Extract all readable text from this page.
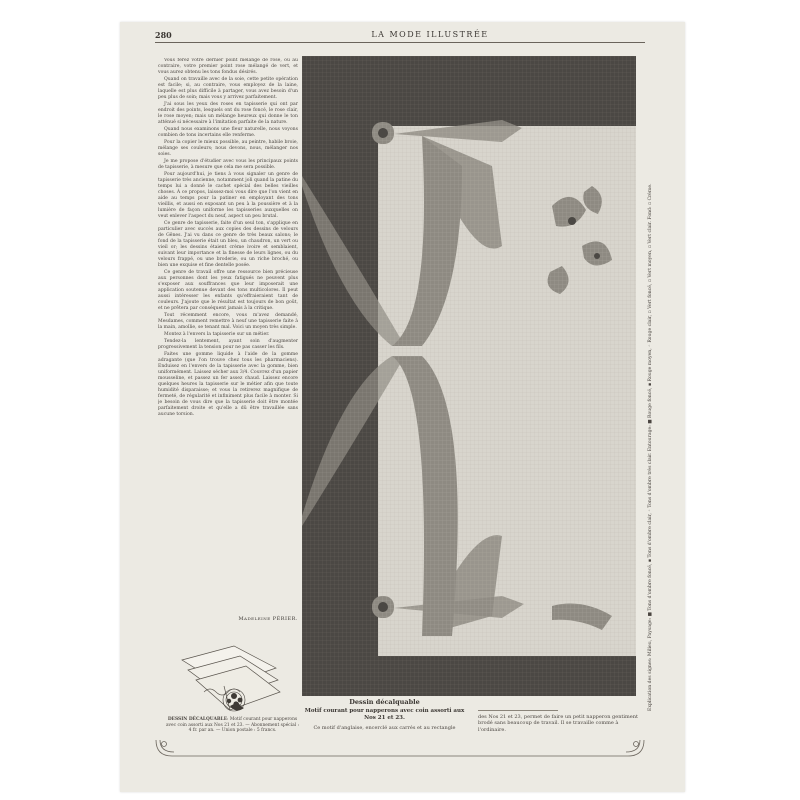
280	LA MODE ILLUSTRÉE

Vous ferez votre dernier point mélangé de rose, ou au contraire, votre premier point rose mélangé de vert, et vous aurez obtenu les tons fondus désirés.

Quand on travaille avec de la soie, cette petite opération est facile; si, au contraire, vous employez de la laine, laquelle est plus difficile à partager, vous avez besoin d'un peu plus de soin; mais vous y arrivez parfaitement.

J'ai sous les yeux des roses en tapisserie qui ont par endroit des points, lesquels ont du rose foncé, le rose clair, le rose moyen; mais un mélange heureux qui donne le ton atténué si nécessaire à l'imitation parfaite de la nature.

Quand nous examinons une fleur naturelle, nous voyons combien de tons incertains elle renferme.

Pour la copier le mieux possible, au peintre, habile broie, mélange ses couleurs; nous devons, nous, mélanger nos soies.

Je me propose d'étudier avec vous les principaux points de tapisserie, à mesure que cela me sera possible.

Pour aujourd'hui, je tiens à vous signaler un genre de tapisserie très ancienne, notamment joli quand la patine du temps lui a donné le cachet spécial des belles vieilles choses. À ce propos, laissez-moi vous dire que l'on vient en aide au temps pour la patiner en employant des tons vieillis, et aussi en exposant un peu à la poussière et à la lumière de façon uniforme les tapisseries auxquelles on veut enlever l'aspect du neuf, aspect un peu brutal.

Ce genre de tapisserie, faite d'un seul ton, s'applique en particulier avec succès aux copies des dessins de velours de Gênes. J'ai vu dans ce genre de très beaux salons; le fond de la tapisserie était un bleu, un chaudron, un vert ou vieil or; les dessins étaient crème ivoire et semblaient, suivant leur importance et la finesse de leurs lignes, ou du velours frappé, ou une broderie, ou un riche broché, ou bien une exquise et fine dentelle posée.

Ce genre de travail offre une ressource bien précieuse aux personnes dont les yeux fatigués ne peuvent plus s'exposer aux souffrances que leur imposerait une application soutenue devant des tons multicolores. Il peut aussi intéresser les enfants qu'effraieraient tant de couleurs. J'ajoute que le résultat est toujours de bon goût, et ne prêtera par conséquent jamais à la critique.

Tout récemment encore, vous m'avez demandé, Mesdames, comment remettre à neuf une tapisserie faite à la main, amollie, se tenant mal. Voici un moyen très simple.

Montez à l'envers la tapisserie sur un métier.

Tendez-la lentement, ayant soin d'augmenter progressivement la tension pour ne pas casser les fils.

Faites une gomme liquide à l'aide de la gomme adragante (que l'on trouve chez tous les pharmaciens). Enduisez en l'envers de la tapisserie avec la gomme, bien uniformément. Laissez sécher aux 3/4. Couvrez d'un papier mousseline, et passez un fer assez chaud. Laissez encore quelques heures la tapisserie sur le métier afin que toute humidité disparaisse; et vous la retirerez magnifique de fermeté, de régularité et infiniment plus facile à monter. Si je besoin de vous dire que la tapisserie doit être montée parfaitement droite et qu'elle a dû être travaillée sans aucune torsion.

Madeleine PÉRIER.
DESSIN DÉCALQUABLE: Motif courant pour napperons avec coin assorti aux Nos 21 et 23. — Abonnement spécial : 4 fr. par an. — Union postale : 5 francs.
Explication des signes: Milieu, Paysage: ■ Tons d'ombre foncé, ▪ Tons d'ombre clair, ◦ Tons d'ombre très clair. Entourage: ■ Rouge foncé, ▪ Rouge moyen, ◦ Rouge clair, ▫ Vert foncé, ▫ Vert moyen, ▫ Vert clair. Fond: ▫ Crème.
Dessin décalquable
Motif courant pour napperons avec coin assorti aux Nos 21 et 23.
Ce motif d'anglaise, encerclé aux carrés et au rectangle
des Nos 21 et 23, permet de faire un petit napperon gentiment brodé sans beaucoup de travail. Il se travaille comme à l'ordinaire.
